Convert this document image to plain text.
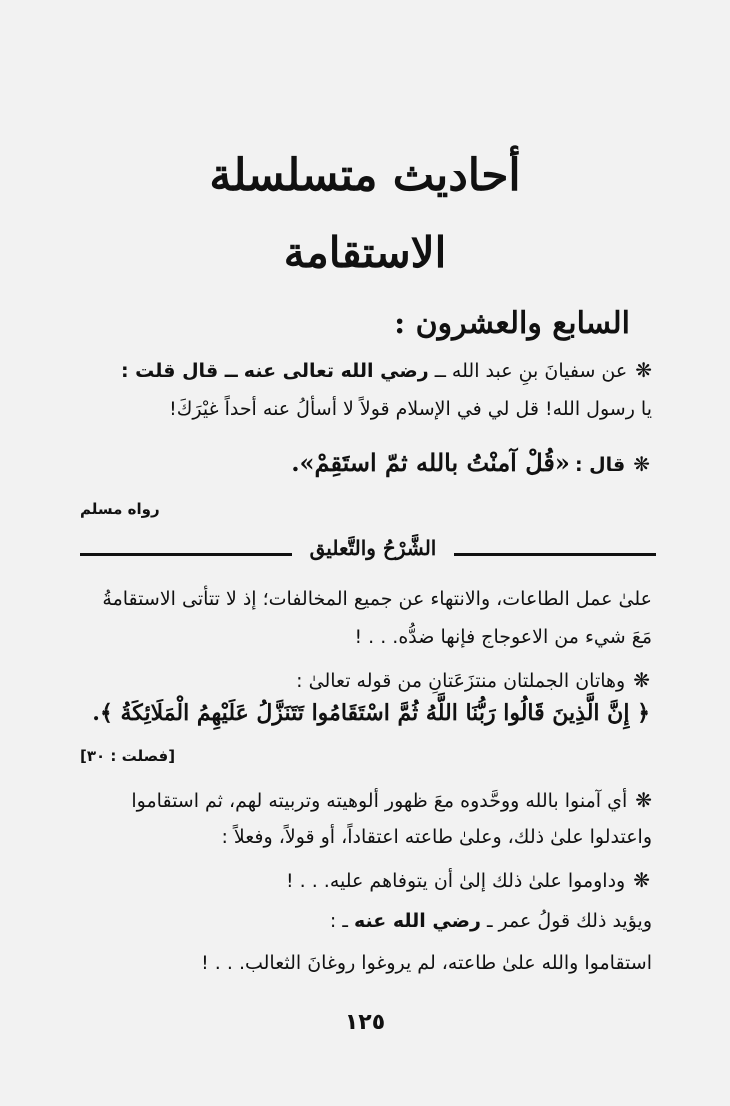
أحاديث متسلسلة
الاستقامة
السابع والعشرون :
❋عن سفيانَ بنِ عبد الله ــ رضي الله تعالى عنه ــ قال قلت :
يا رسول الله! قل لي في الإسلام قولاً لا أسألُ عنه أحداً غيْرَكَ!
❋قال : «قُلْ آمنْتُ بالله ثمّ استَقِمْ».
رواه مسلم
الشَّرْحُ والتَّعليق
علىٰ عمل الطاعات، والانتهاء عن جميع المخالفات؛ إذ لا تتأتى الاستقامةُ
مَعَ شيء من الاعوجاج فإنها ضدُّه. . . !
❋وهاتان الجملتان منتزَعَتانِ من قوله تعالىٰ :
﴿ إِنَّ الَّذِينَ قَالُوا رَبُّنَا اللَّهُ ثُمَّ اسْتَقَامُوا تَتَنَزَّلُ عَلَيْهِمُ الْمَلَائِكَةُ ﴾.
[فصلت : ٣٠]
❋أي آمنوا بالله ووحَّدوه معَ ظهور ألوهيته وتربيته لهم، ثم استقاموا
واعتدلوا علىٰ ذلك، وعلىٰ طاعته اعتقاداً، أو قولاً، وفعلاً :
❋وداوموا علىٰ ذلك إلىٰ أن يتوفاهم عليه. . . !
ويؤيد ذلك قولُ عمر ـ رضي الله عنه ـ :
استقاموا والله علىٰ طاعته، لم يروغوا روغانَ الثعالب. . . !
١٢٥
